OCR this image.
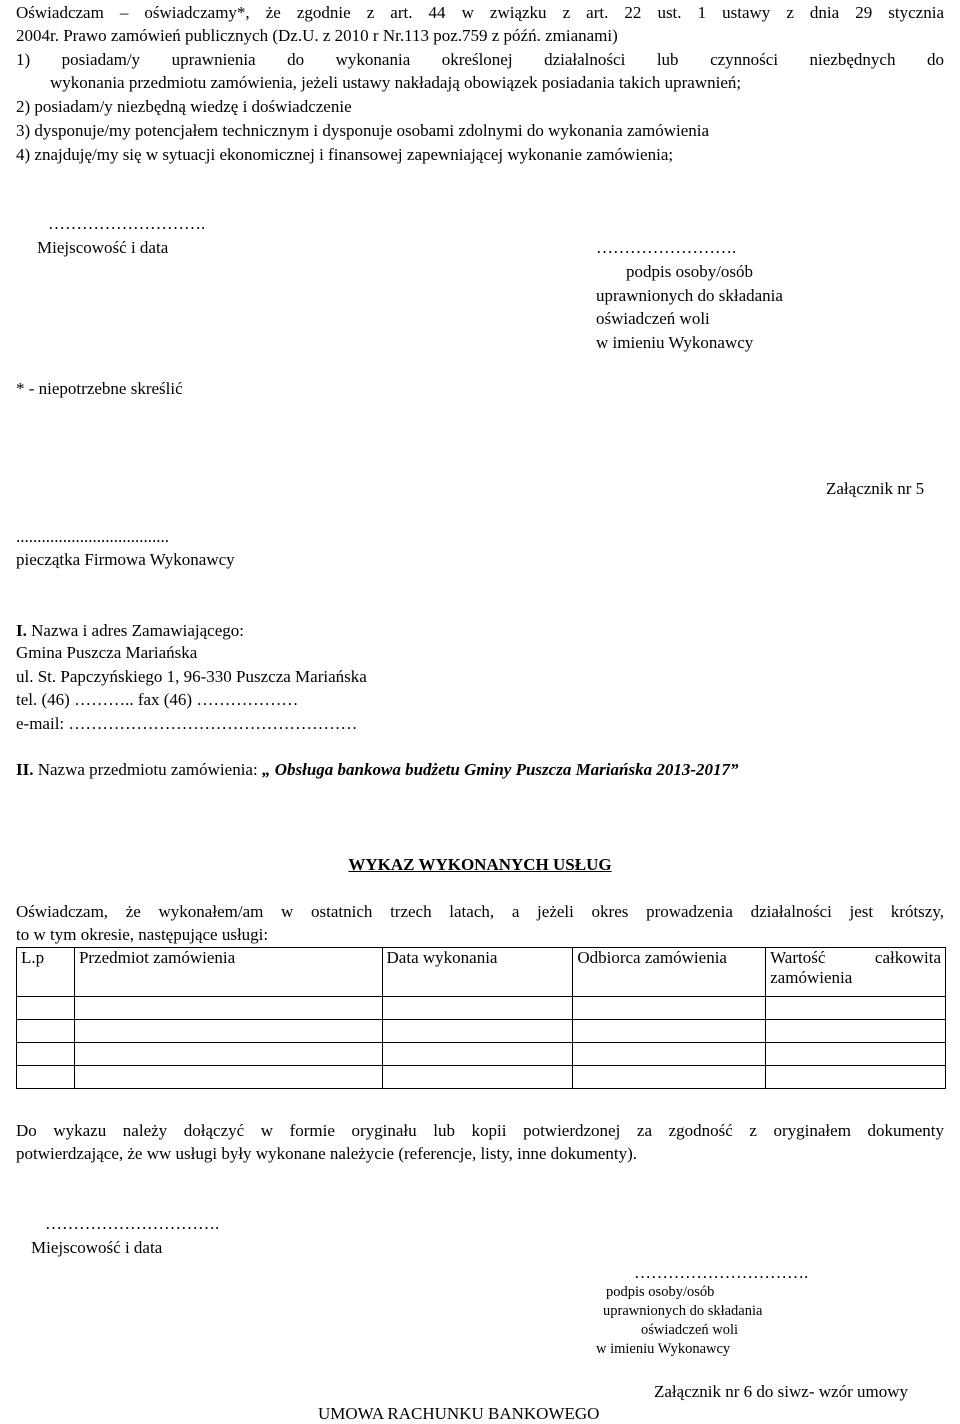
Oświadczam – oświadczamy*, że zgodnie z art. 44 w związku z art. 22 ust. 1 ustawy z dnia 29 stycznia
2004r. Prawo zamówień publicznych (Dz.U. z 2010 r Nr.113 poz.759 z późń. zmianami)
1) posiadam/y uprawnienia do wykonania określonej działalności lub czynności niezbędnych do
wykonania przedmiotu zamówienia, jeżeli ustawy nakładają obowiązek posiadania takich uprawnień;
2) posiadam/y niezbędną wiedzę i doświadczenie
3) dysponuje/my potencjałem technicznym i dysponuje osobami zdolnymi do wykonania zamówienia
4) znajduję/my się w sytuacji ekonomicznej i finansowej zapewniającej wykonanie zamówienia;
……………………….
Miejscowość i data	…………………….
podpis osoby/osób
uprawnionych do składania
oświadczeń woli
w imieniu Wykonawcy
* - niepotrzebne skreślić
Załącznik nr 5
....................................
pieczątka Firmowa Wykonawcy
I. Nazwa i adres Zamawiającego:
Gmina Puszcza Mariańska
ul. St. Papczyńskiego 1, 96-330 Puszcza Mariańska
tel. (46) ……….. fax (46) ………………
e-mail: ……………………………………………
II. Nazwa przedmiotu zamówienia: „ Obsługa bankowa budżetu Gminy Puszcza Mariańska 2013-2017”
WYKAZ WYKONANYCH USŁUG
Oświadczam, że wykonałem/am w ostatnich trzech latach, a jeżeli okres prowadzenia działalności jest krótszy,
to w tym okresie, następujące usługi:
L.p	Przedmiot zamówienia	Data wykonania	Odbiorca zamówienia	Wartość całkowita zamówienia

Do wykazu należy dołączyć w formie oryginału lub kopii potwierdzonej za zgodność z oryginałem dokumenty
potwierdzające, że ww usługi były wykonane należycie (referencje, listy, inne dokumenty).
………………………….
Miejscowość i data
………………………….
podpis osoby/osób
uprawnionych do składania
oświadczeń woli
w imieniu Wykonawcy
Załącznik nr 6 do siwz- wzór umowy
UMOWA RACHUNKU BANKOWEGO
